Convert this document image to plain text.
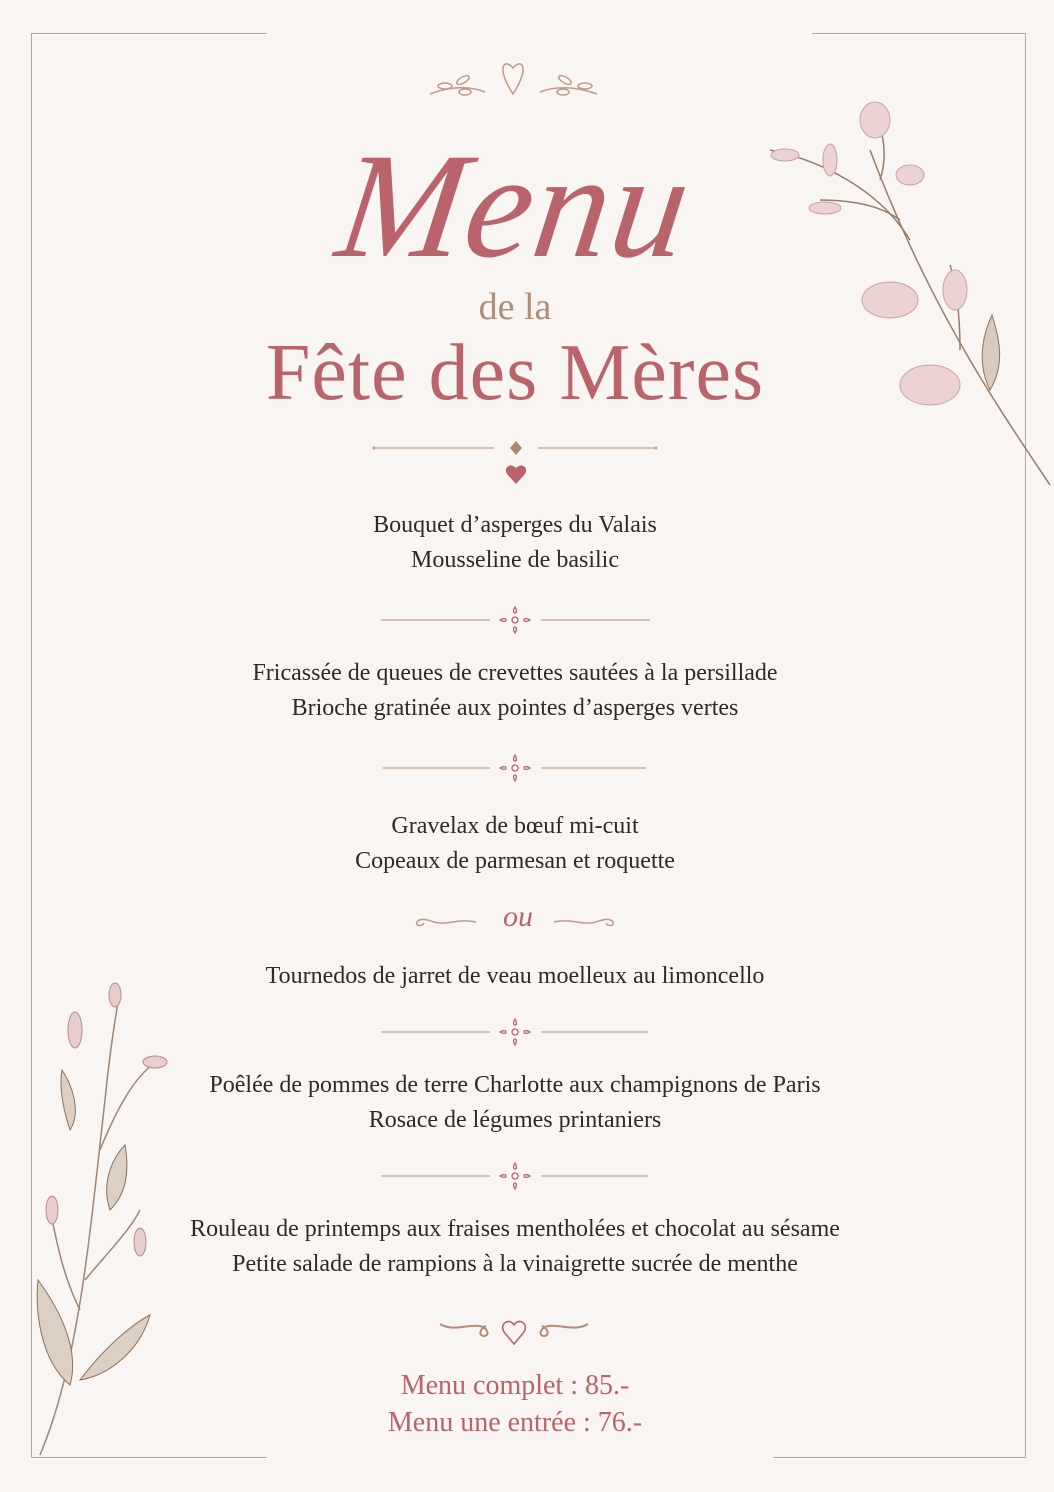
Menu
de la
Fête des Mères
Bouquet d’asperges du Valais
Mousseline de basilic
Fricassée de queues de crevettes sautées à la persillade
Brioche gratinée aux pointes d’asperges vertes
Gravelax de bœuf mi-cuit
Copeaux de parmesan et roquette
ou
Tournedos de jarret de veau moelleux au limoncello
Poêlée de pommes de terre Charlotte aux champignons de Paris
Rosace de légumes printaniers
Rouleau de printemps aux fraises mentholées et chocolat au sésame
Petite salade de rampions à la vinaigrette sucrée de menthe
Menu complet : 85.-
Menu une entrée : 76.-
